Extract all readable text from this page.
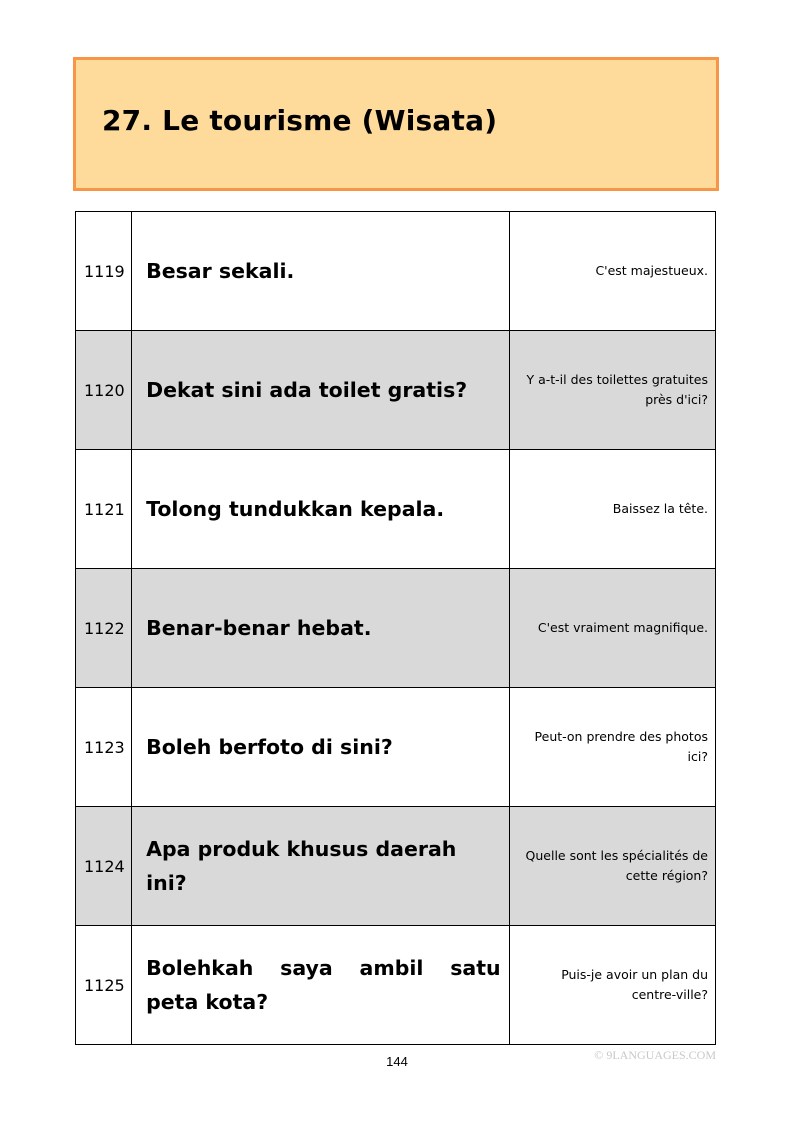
27. Le tourisme (Wisata)
1119	Besar sekali.	C'est majestueux.
1120	Dekat sini ada toilet gratis?	Y a-t-il des toilettes gratuites près d'ici?
1121	Tolong tundukkan kepala.	Baissez la tête.
1122	Benar-benar hebat.	C'est vraiment magnifique.
1123	Boleh berfoto di sini?	Peut-on prendre des photos ici?
1124	Apa produk khusus daerah ini?	Quelle sont les spécialités de cette région?
1125	Bolehkah saya ambil satu peta kota?	Puis-je avoir un plan du centre-ville?
144	© 9LANGUAGES.COM
